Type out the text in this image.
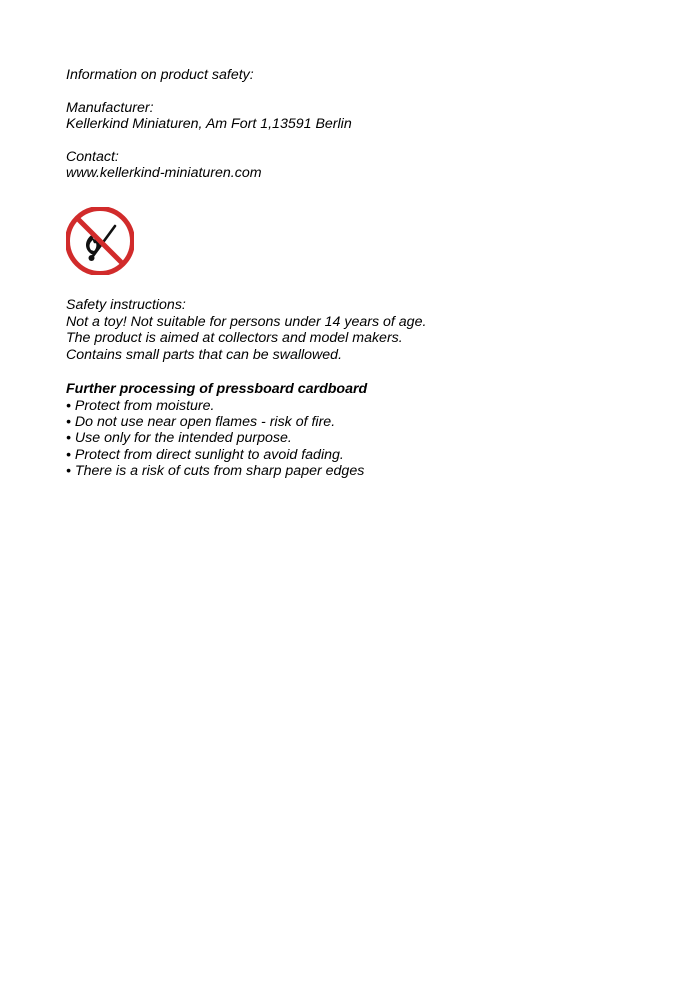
Information on product safety:
Manufacturer:
Kellerkind Miniaturen, Am Fort 1,13591 Berlin
Contact:
www.kellerkind-miniaturen.com
Safety instructions:
Not a toy! Not suitable for persons under 14 years of age.
The product is aimed at collectors and model makers.
Contains small parts that can be swallowed.
Further processing of pressboard cardboard
• Protect from moisture.
• Do not use near open flames - risk of fire.
• Use only for the intended purpose.
• Protect from direct sunlight to avoid fading.
• There is a risk of cuts from sharp paper edges
